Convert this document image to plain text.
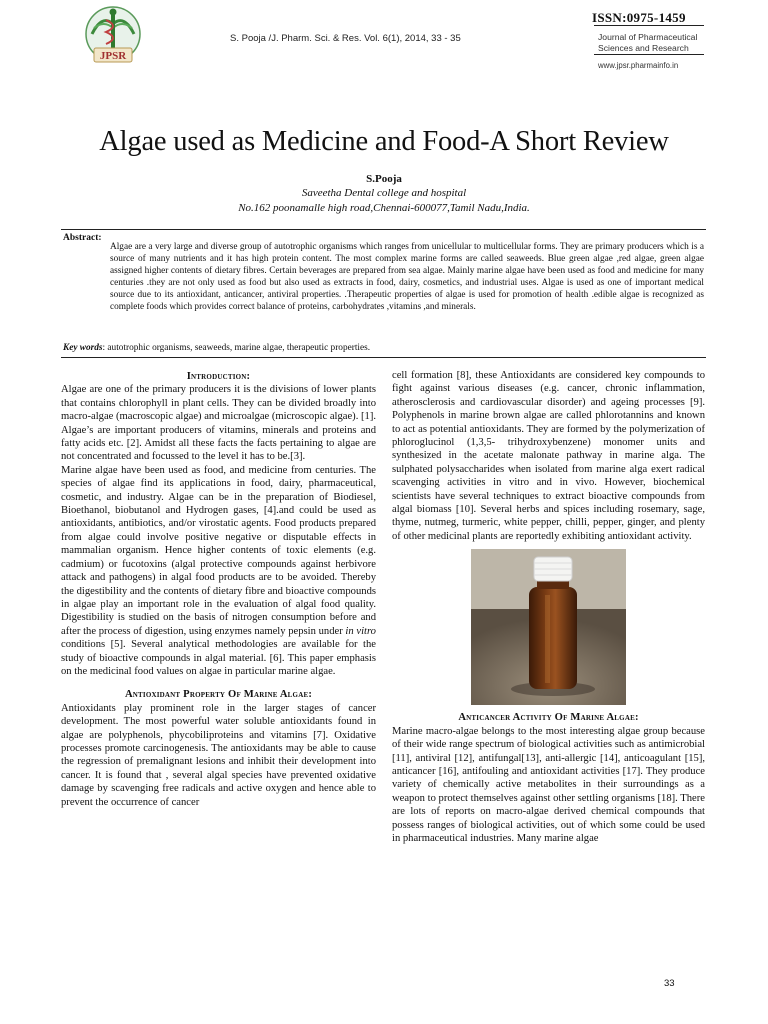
JPSR
S. Pooja /J. Pharm. Sci. & Res. Vol. 6(1), 2014, 33 - 35
ISSN:0975-1459
Journal of Pharmaceutical
Sciences and Research
www.jpsr.pharmainfo.in
Algae used as Medicine and Food-A Short Review
S.Pooja
Saveetha Dental college and hospital
No.162 poonamalle high road,Chennai-600077,Tamil Nadu,India.
Abstract:
Algae are a very large and diverse group of autotrophic organisms which ranges from unicellular to multicellular forms. They are primary producers which is a source of many nutrients and it has high protein content. The most complex marine forms are called seaweeds. Blue green algae ,red algae, green algae assigned higher contents of dietary fibres. Certain beverages are prepared from sea algae. Mainly marine algae have been used as food and medicine for many centuries .they are not only used as food but also used as extracts in food, dairy, cosmetics, and industrial uses. Algae is used as one of important medical source due to its antioxidant, anticancer, antiviral properties. .Therapeutic properties of algae is used for promotion of health .edible algae is recognized as complete foods which provides correct balance of proteins, carbohydrates ,vitamins ,and minerals.
Key words: autotrophic organisms, seaweeds, marine algae, therapeutic properties.
Introduction:

Algae are one of the primary producers it is the divisions of lower plants that contains chlorophyll in plant cells. They can be divided broadly into macro-algae (macroscopic algae) and microalgae (microscopic algae). [1]. Algae’s are important producers of vitamins, minerals and proteins and fatty acids etc. [2]. Amidst all these facts the facts pertaining to algae are not concentrated and focussed to the level it has to be.[3].

Marine algae have been used as food, and medicine from centuries. The species of algae find its applications in food, dairy, pharmaceutical, cosmetic, and industry. Algae can be in the preparation of Biodiesel, Bioethanol, biobutanol and Hydrogen gases, [4].and could be used as antioxidants, antibiotics, and/or virostatic agents. Food products prepared from algae could involve positive negative or disputable effects in mammalian organism. Hence higher contents of toxic elements (e.g. cadmium) or fucotoxins (algal protective compounds against herbivore attack and pathogens) in algal food products are to be avoided. Thereby the digestibility and the contents of dietary fibre and bioactive compounds in algae play an important role in the evaluation of algal food quality. Digestibility is studied on the basis of nitrogen consumption before and after the process of digestion, using enzymes namely pepsin under in vitro conditions [5]. Several analytical methodologies are available for the study of bioactive compounds in algal material. [6]. This paper emphasis on the medicinal food values on algae in particular marine algae.

Antioxidant Property Of Marine Algae:

Antioxidants play prominent role in the larger stages of cancer development. The most powerful water soluble antioxidants found in algae are polyphenols, phycobiliproteins and vitamins [7]. Oxidative processes promote carcinogenesis. The antioxidants may be able to cause the regression of premalignant lesions and inhibit their development into cancer. It is found that , several algal species have prevented oxidative damage by scavenging free radicals and active oxygen and hence able to prevent the occurrence of cancer

cell formation [8], these Antioxidants are considered key compounds to fight against various diseases (e.g. cancer, chronic inflammation, atherosclerosis and cardiovascular disorder) and ageing processes [9]. Polyphenols in marine brown algae are called phlorotannins and known to act as potential antioxidants. They are formed by the polymerization of phloroglucinol (1,3,5- trihydroxybenzene) monomer units and synthesized in the acetate malonate pathway in marine alga. The sulphated polysaccharides when isolated from marine alga exert radical scavenging activities in vitro and in vivo. However, biochemical scientists have several techniques to extract bioactive compounds from algal biomass [10]. Several herbs and spices including rosemary, sage, thyme, nutmeg, turmeric, white pepper, chilli, pepper, ginger, and plenty of other medicinal plants are reportedly exhibiting antioxidant activity.

Anticancer Activity Of Marine Algae:

Marine macro-algae belongs to the most interesting algae group because of their wide range spectrum of biological activities such as antimicrobial [11], antiviral [12], antifungal[13], anti-allergic [14], anticoagulant [15], anticancer [16], antifouling and antioxidant activities [17]. They produce variety of chemically active metabolites in their surroundings as a weapon to protect themselves against other settling organisms [18]. There are lots of reports on macro-algae derived chemical compounds that possess ranges of biological activities, out of which some could be used in pharmaceutical industries. Many marine algae

33
